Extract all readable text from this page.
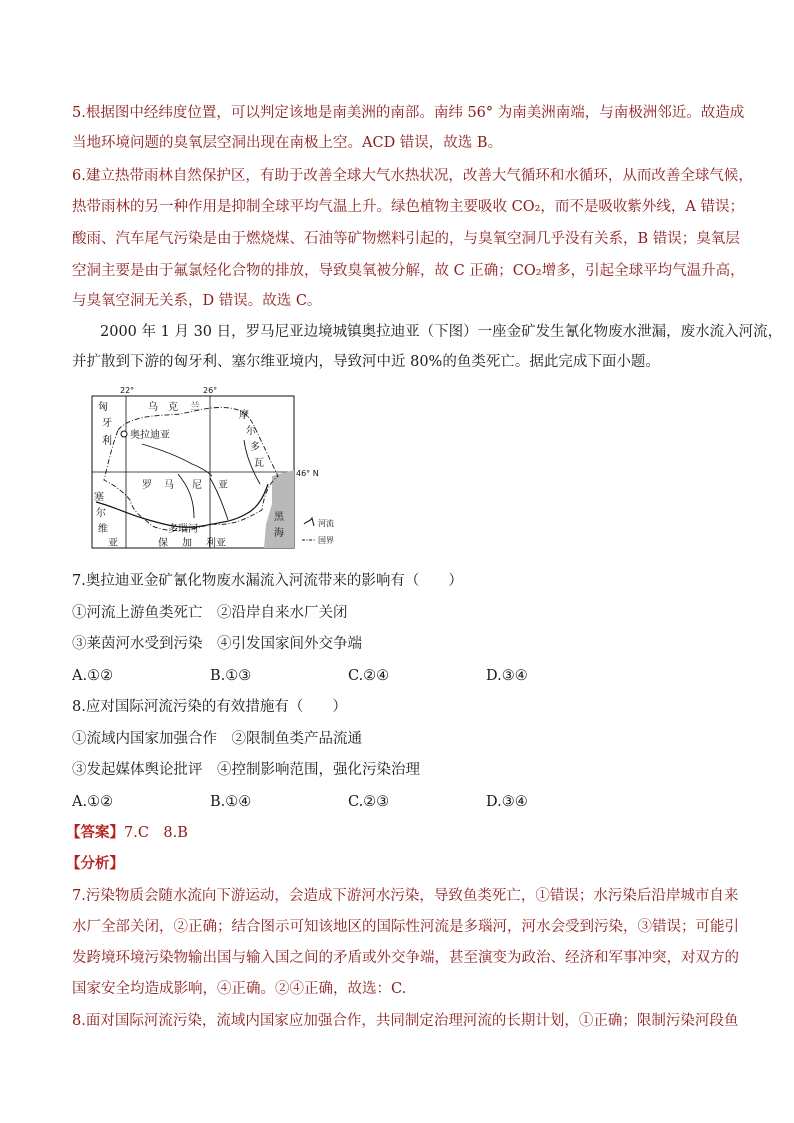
5.根据图中经纬度位置，可以判定该地是南美洲的南部。南纬 56° 为南美洲南端，与南极洲邻近。故造成
当地环境问题的臭氧层空洞出现在南极上空。ACD 错误，故选 B。
6.建立热带雨林自然保护区，有助于改善全球大气水热状况，改善大气循环和水循环，从而改善全球气候，
热带雨林的另一种作用是抑制全球平均气温上升。绿色植物主要吸收 CO₂，而不是吸收紫外线，A 错误；
酸雨、汽车尾气污染是由于燃烧煤、石油等矿物燃料引起的，与臭氧空洞几乎没有关系，B 错误；臭氧层
空洞主要是由于氟氯烃化合物的排放，导致臭氧被分解，故 C 正确；CO₂增多，引起全球平均气温升高，
与臭氧空洞无关系，D 错误。故选 C。
2000 年 1 月 30 日，罗马尼亚边境城镇奥拉迪亚（下图）一座金矿发生氰化物废水泄漏，废水流入河流，
并扩散到下游的匈牙利、塞尔维亚境内，导致河中近 80%的鱼类死亡。据此完成下面小题。
22°	26°
46° N
匈
牙
利
乌 克 兰
奥拉迪亚
摩
尔
多
瓦
罗 马 尼 亚
塞
尔
维
亚
多瑙河
保 加 利亚
黑
海
河流
国界
7.奥拉迪亚金矿氰化物废水漏流入河流带来的影响有（　　）
①河流上游鱼类死亡　②沿岸自来水厂关闭
③莱茵河水受到污染　④引发国家间外交争端
A.①②	B.①③	C.②④	D.③④
8.应对国际河流污染的有效措施有（　　）
①流域内国家加强合作　②限制鱼类产品流通
③发起媒体舆论批评　④控制影响范围，强化污染治理
A.①②	B.①④	C.②③	D.③④
【答案】7.C　8.B
【分析】
7.污染物质会随水流向下游运动，会造成下游河水污染，导致鱼类死亡，①错误；水污染后沿岸城市自来
水厂全部关闭，②正确；结合图示可知该地区的国际性河流是多瑙河，河水会受到污染，③错误；可能引
发跨境环境污染物输出国与输入国之间的矛盾或外交争端，甚至演变为政治、经济和军事冲突，对双方的
国家安全均造成影响，④正确。②④正确，故选：C.
8.面对国际河流污染，流域内国家应加强合作，共同制定治理河流的长期计划，①正确；限制污染河段鱼
